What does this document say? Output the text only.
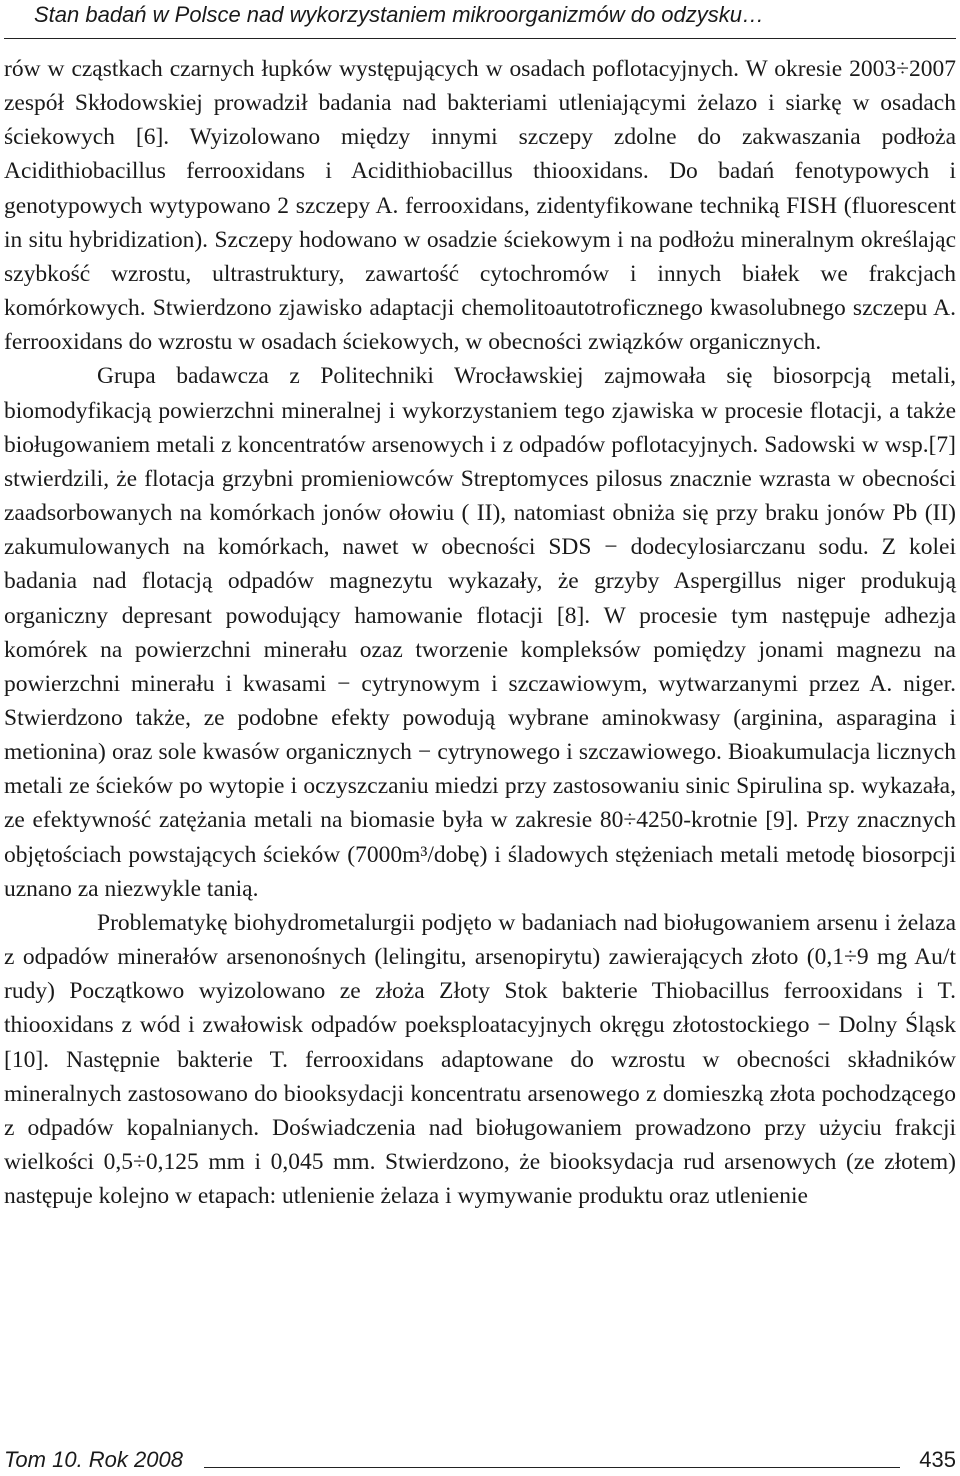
Stan badań w Polsce nad wykorzystaniem mikroorganizmów do odzysku…

rów w cząstkach czarnych łupków występujących w osadach poflotacyjnych. W okresie 2003÷2007 zespół Skłodowskiej prowadził badania nad bakteriami utleniającymi żelazo i siarkę w osadach ściekowych [6]. Wyizolowano między innymi szczepy zdolne do zakwaszania podłoża Acidithiobacillus ferrooxidans i Acidithiobacillus thiooxidans. Do badań fenotypowych i genotypowych wytypowano 2 szczepy A. ferrooxidans, zidentyfikowane techniką FISH (fluorescent in situ hybridization). Szczepy hodowano w osadzie ściekowym i na podłożu mineralnym określając szybkość wzrostu, ultrastruktury, zawartość cytochromów i innych białek we frakcjach komórkowych. Stwierdzono zjawisko adaptacji chemolitoautotroficznego kwasolubnego szczepu A. ferrooxidans do wzrostu w osadach ściekowych, w obecności związków organicznych.

Grupa badawcza z Politechniki Wrocławskiej zajmowała się biosorpcją metali, biomodyfikacją powierzchni mineralnej i wykorzystaniem tego zjawiska w procesie flotacji, a także bioługowaniem metali z koncentratów arsenowych i z odpadów poflotacyjnych. Sadowski w wsp.[7] stwierdzili, że flotacja grzybni promieniowców Streptomyces pilosus znacznie wzrasta w obecności zaadsorbowanych na komórkach jonów ołowiu ( II), natomiast obniża się przy braku jonów Pb (II) zakumulowanych na komórkach, nawet w obecności SDS − dodecylosiarczanu sodu. Z kolei badania nad flotacją odpadów magnezytu wykazały, że grzyby Aspergillus niger produkują organiczny depresant powodujący hamowanie flotacji [8]. W procesie tym następuje adhezja komórek na powierzchni minerału ozaz tworzenie kompleksów pomiędzy jonami magnezu na powierzchni minerału i kwasami − cytrynowym i szczawiowym, wytwarzanymi przez A. niger. Stwierdzono także, ze podobne efekty powodują wybrane aminokwasy (arginina, asparagina i metionina) oraz sole kwasów organicznych − cytrynowego i szczawiowego. Bioakumulacja licznych metali ze ścieków po wytopie i oczyszczaniu miedzi przy zastosowaniu sinic Spirulina sp. wykazała, ze efektywność zatężania metali na biomasie była w zakresie 80÷4250-krotnie [9]. Przy znacznych objętościach powstających ścieków (7000m³/dobę) i śladowych stężeniach metali metodę biosorpcji uznano za niezwykle tanią.

Problematykę biohydrometalurgii podjęto w badaniach nad bioługowaniem arsenu i żelaza z odpadów minerałów arsenonośnych (lelingitu, arsenopirytu) zawierających złoto (0,1÷9 mg Au/t rudy) Początkowo wyizolowano ze złoża Złoty Stok bakterie Thiobacillus ferrooxidans i T. thiooxidans z wód i zwałowisk odpadów poeksploatacyjnych okręgu złotostockiego − Dolny Śląsk [10]. Następnie bakterie T. ferrooxidans adaptowane do wzrostu w obecności składników mineralnych zastosowano do biooksydacji koncentratu arsenowego z domieszką złota pochodzącego z odpadów kopalnianych. Doświadczenia nad bioługowaniem prowadzono przy użyciu frakcji wielkości 0,5÷0,125 mm i 0,045 mm. Stwierdzono, że biooksydacja rud arsenowych (ze złotem) następuje kolejno w etapach: utlenienie żelaza i wymywanie produktu oraz utlenienie

Tom 10. Rok 2008	435
